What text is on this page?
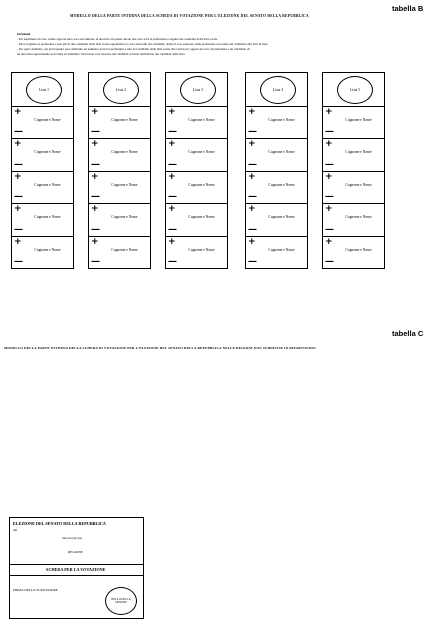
tabella B
MODELLO DELLA PARTE INTERNA DELLA SCHEDA DI VOTAZIONE PER L'ELEZIONE DEL SENATO DELLA REPUBBLICA
Istruzioni
- Per esprimere un voto valido apporre una croce sul simbolo di una lista; in questo modo tale voto avrà la preferenza a seguire dei candidati della lista scelta.
- Puoi scegliere la preferenza e non più di due candidati della lista votata apponendo la croce sui nomi dei candidati; anche il voto espresso dalla preferenza con nome del candidato alla lista in lista.
- Per ogni candidato, sia nel riquadro esso attribuito un aumento dovrà la preferenza e uno dei candidati della lista scelta che vedi dove; appare un voto di preferenza a un candidato di
un altra lista appartenente non viene ad annullare. Non basta così rivestire dei candidati concetti dell'istituto dei candidati della lista.
Lista 1
+
Cognome e Nome
—
+
Cognome e Nome
—
+
Cognome e Nome
—
+
Cognome e Nome
—
+
Cognome e Nome
—
Lista 2
+
Cognome e Nome
—
+
Cognome e Nome
—
+
Cognome e Nome
—
+
Cognome e Nome
—
+
Cognome e Nome
—
Lista 3
+
Cognome e Nome
—
+
Cognome e Nome
—
+
Cognome e Nome
—
+
Cognome e Nome
—
+
Cognome e Nome
—
Lista 4
+
Cognome e Nome
—
+
Cognome e Nome
—
+
Cognome e Nome
—
+
Cognome e Nome
—
+
Cognome e Nome
—
Lista 5
+
Cognome e Nome
—
+
Cognome e Nome
—
+
Cognome e Nome
—
+
Cognome e Nome
—
+
Cognome e Nome
—
tabella C
MODELLO DELLA PARTE ESTERNA DELLA SCHEDA DI VOTAZIONE PER L'ELEZIONE DEL SENATO DELLA REPUBBLICA NELLE REGIONI NON SUDDIVISE IN RIPARTIZIONI
ELEZIONE DEL SENATO DELLA REPUBBLICA
del
data del giorno
REGIONE
SCHEDA PER LA VOTAZIONE
FIRMA DELLO SCRUTATORE
BOLLO DELLA SEZIONE
